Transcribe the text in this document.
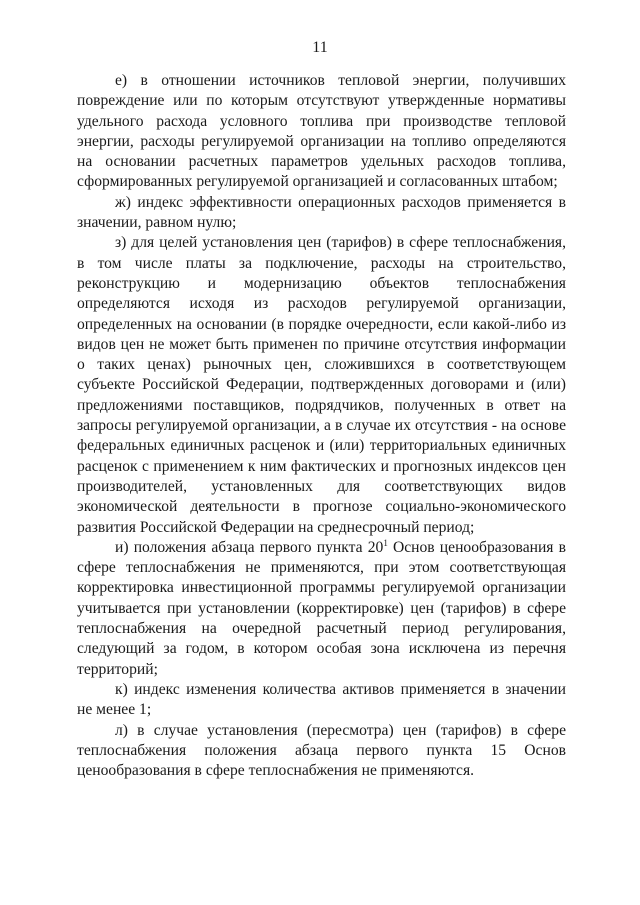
11

е) в отношении источников тепловой энергии, получивших повреждение или по которым отсутствуют утвержденные нормативы удельного расхода условного топлива при производстве тепловой энергии, расходы регулируемой организации на топливо определяются на основании расчетных параметров удельных расходов топлива, сформированных регулируемой организацией и согласованных штабом;

ж) индекс эффективности операционных расходов применяется в значении, равном нулю;

з) для целей установления цен (тарифов) в сфере теплоснабжения, в том числе платы за подключение, расходы на строительство, реконструкцию и модернизацию объектов теплоснабжения определяются исходя из расходов регулируемой организации, определенных на основании (в порядке очередности, если какой-либо из видов цен не может быть применен по причине отсутствия информации о таких ценах) рыночных цен, сложившихся в соответствующем субъекте Российской Федерации, подтвержденных договорами и (или) предложениями поставщиков, подрядчиков, полученных в ответ на запросы регулируемой организации, а в случае их отсутствия - на основе федеральных единичных расценок и (или) территориальных единичных расценок с применением к ним фактических и прогнозных индексов цен производителей, установленных для соответствующих видов экономической деятельности в прогнозе социально-экономического развития Российской Федерации на среднесрочный период;

и) положения абзаца первого пункта $20^1$ Основ ценообразования в сфере теплоснабжения не применяются, при этом соответствующая корректировка инвестиционной программы регулируемой организации учитывается при установлении (корректировке) цен (тарифов) в сфере теплоснабжения на очередной расчетный период регулирования, следующий за годом, в котором особая зона исключена из перечня территорий;

к) индекс изменения количества активов применяется в значении не менее 1;

л) в случае установления (пересмотра) цен (тарифов) в сфере теплоснабжения положения абзаца первого пункта 15 Основ ценообразования в сфере теплоснабжения не применяются.
